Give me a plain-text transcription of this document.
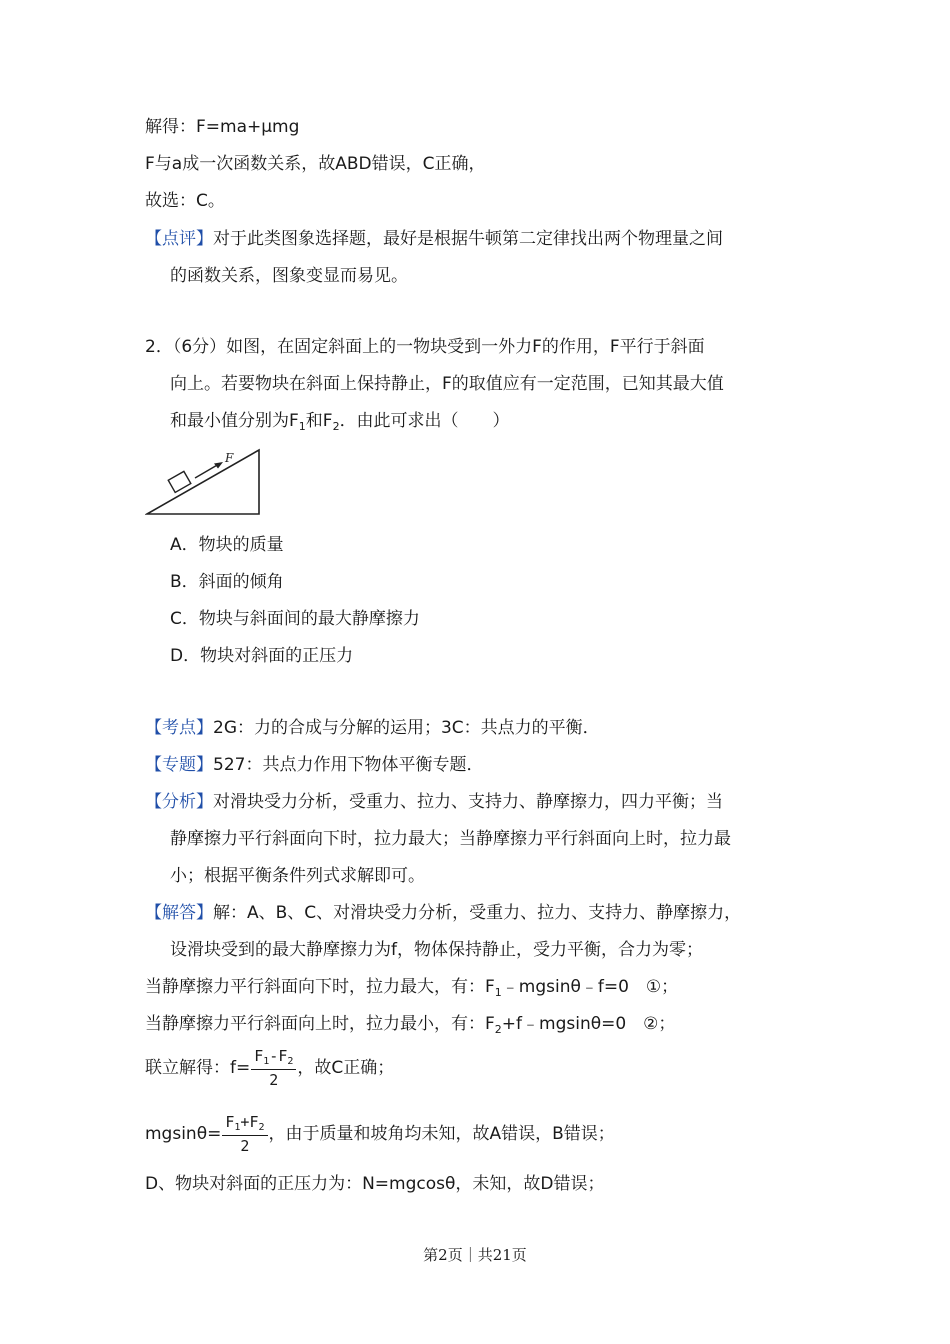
解得：F=ma+μmg
F与a成一次函数关系，故ABD错误，C正确，
故选：C。
【点评】对于此类图象选择题，最好是根据牛顿第二定律找出两个物理量之间
的函数关系，图象变显而易见。
2．（6分）如图，在固定斜面上的一物块受到一外力F的作用，F平行于斜面
向上。若要物块在斜面上保持静止，F的取值应有一定范围，已知其最大值
和最小值分别为$F_1$和$F_2$．由此可求出（　　）
F
A．物块的质量
B．斜面的倾角
C．物块与斜面间的最大静摩擦力
D．物块对斜面的正压力
【考点】2G：力的合成与分解的运用；3C：共点力的平衡．
【专题】527：共点力作用下物体平衡专题．
【分析】对滑块受力分析，受重力、拉力、支持力、静摩擦力，四力平衡；当
静摩擦力平行斜面向下时，拉力最大；当静摩擦力平行斜面向上时，拉力最
小；根据平衡条件列式求解即可。
【解答】解：A、B、C、对滑块受力分析，受重力、拉力、支持力、静摩擦力，
设滑块受到的最大静摩擦力为f，物体保持静止，受力平衡，合力为零；
当静摩擦力平行斜面向下时，拉力最大，有：$F_1﹣mgsin\theta﹣f=0$　①；
当静摩擦力平行斜面向上时，拉力最小，有：$F_2+f﹣mgsin\theta=0$　②；
联立解得：$f= \frac{F_1-F_2}{2}$ ，故C正确；
$mgsin\theta= \frac{F_1+F_2}{2}$ ，由于质量和坡角均未知，故A错误，B错误；
D、物块对斜面的正压力为：N=mgcosθ，未知，故D错误；
第2页｜共21页
